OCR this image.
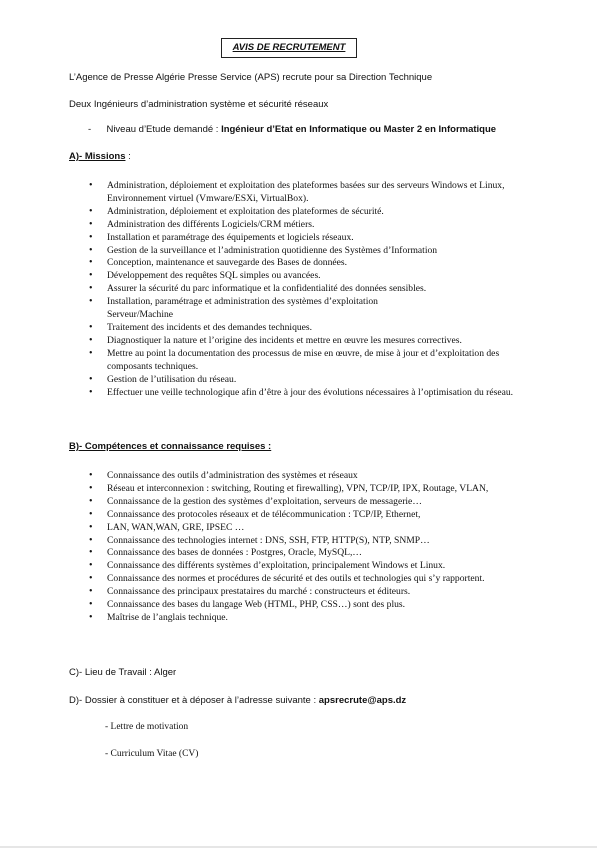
AVIS DE RECRUTEMENT
L’Agence de Presse Algérie Presse Service (APS) recrute pour sa Direction Technique
Deux Ingénieurs d’administration système et sécurité réseaux
- Niveau d’Etude demandé : Ingénieur d’Etat en Informatique ou Master 2 en Informatique
A)- Missions :
• Administration, déploiement et exploitation des plateformes basées sur des serveurs Windows et Linux, Environnement virtuel (Vmware/ESXi, VirtualBox).
• Administration, déploiement et exploitation des plateformes de sécurité.
• Administration des différents Logiciels/CRM métiers.
• Installation et paramétrage des équipements et logiciels réseaux.
• Gestion de la surveillance et l’administration quotidienne des Systèmes d’Information
• Conception, maintenance et sauvegarde des Bases de données.
• Développement des requêtes SQL simples ou avancées.
• Assurer la sécurité du parc informatique et la confidentialité des données sensibles.
• Installation, paramétrage et administration des systèmes d’exploitation Serveur/Machine
• Traitement des incidents et des demandes techniques.
• Diagnostiquer la nature et l’origine des incidents et mettre en œuvre les mesures correctives.
• Mettre au point la documentation des processus de mise en œuvre, de mise à jour et d’exploitation des composants techniques.
• Gestion de l’utilisation du réseau.
• Effectuer une veille technologique afin d’être à jour des évolutions nécessaires à l’optimisation du réseau.
B)- Compétences et connaissance requises :
• Connaissance des outils d’administration des systèmes et réseaux
• Réseau et interconnexion : switching, Routing et firewalling), VPN, TCP/IP, IPX, Routage, VLAN,
• Connaissance de la gestion des systèmes d’exploitation, serveurs de messagerie…
• Connaissance des protocoles réseaux et de télécommunication : TCP/IP, Ethernet,
• LAN, WAN,WAN, GRE, IPSEC …
• Connaissance des technologies internet : DNS, SSH, FTP, HTTP(S), NTP, SNMP…
• Connaissance des bases de données : Postgres, Oracle, MySQL,…
• Connaissance des différents systèmes d’exploitation, principalement Windows et Linux.
• Connaissance des normes et procédures de sécurité et des outils et technologies qui s’y rapportent.
• Connaissance des principaux prestataires du marché : constructeurs et éditeurs.
• Connaissance des bases du langage Web (HTML, PHP, CSS…) sont des plus.
• Maîtrise de l’anglais technique.
C)- Lieu de Travail : Alger
D)- Dossier à constituer et à déposer à l’adresse suivante : apsrecrute@aps.dz
- Lettre de motivation
- Curriculum Vitae (CV)
